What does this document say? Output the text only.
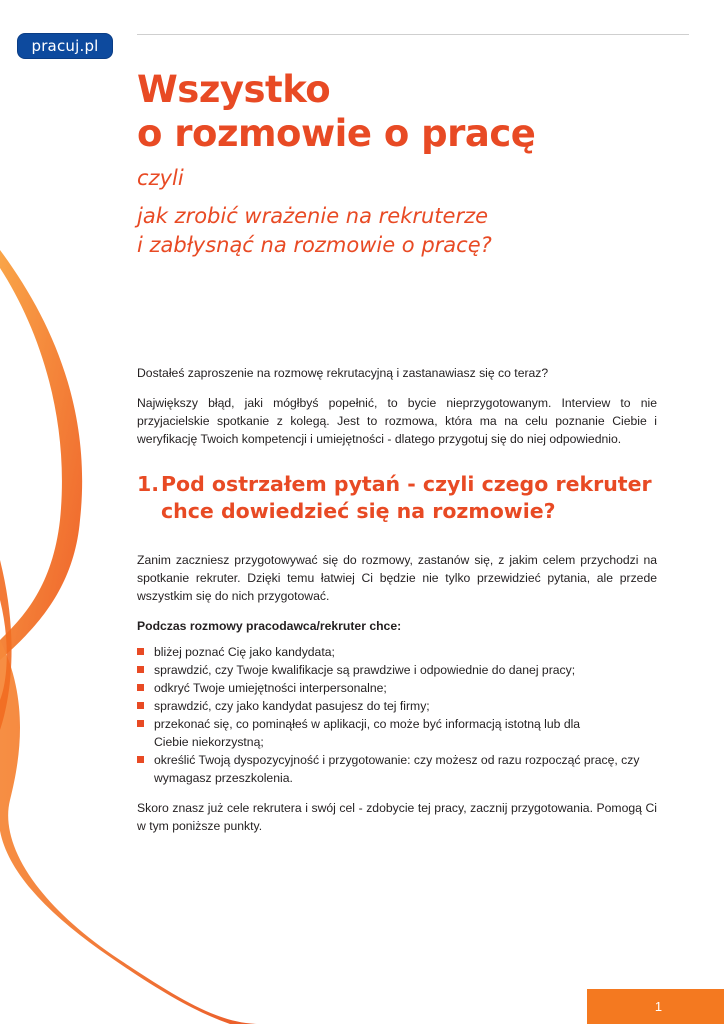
pracuj.pl
Wszystko
o rozmowie o pracę
czyli
jak zrobić wrażenie na rekruterze
i zabłysnąć na rozmowie o pracę?

Dostałeś zaproszenie na rozmowę rekrutacyjną i zastanawiasz się co teraz?

Największy błąd, jaki mógłbyś popełnić, to bycie nieprzygotowanym. Interview to nie przyjacielskie spotkanie z kolegą. Jest to rozmowa, która ma na celu poznanie Ciebie i weryfikację Twoich kompetencji i umiejętności - dlatego przygotuj się do niej odpowiednio.

1. Pod ostrzałem pytań - czyli czego rekruter
chce dowiedzieć się na rozmowie?

Zanim zaczniesz przygotowywać się do rozmowy, zastanów się, z jakim celem przychodzi na spotkanie rekruter. Dzięki temu łatwiej Ci będzie nie tylko przewidzieć pytania, ale przede wszystkim się do nich przygotować.

Podczas rozmowy pracodawca/rekruter chce:

bliżej poznać Cię jako kandydata;
sprawdzić, czy Twoje kwalifikacje są prawdziwe i odpowiednie do danej pracy;
odkryć Twoje umiejętności interpersonalne;
sprawdzić, czy jako kandydat pasujesz do tej firmy;
przekonać się, co pominąłeś w aplikacji, co może być informacją istotną lub dla Ciebie niekorzystną;
określić Twoją dyspozycyjność i przygotowanie: czy możesz od razu rozpocząć pracę, czy wymagasz przeszkolenia.

Skoro znasz już cele rekrutera i swój cel - zdobycie tej pracy, zacznij przygotowania. Pomogą Ci w tym poniższe punkty.

1
